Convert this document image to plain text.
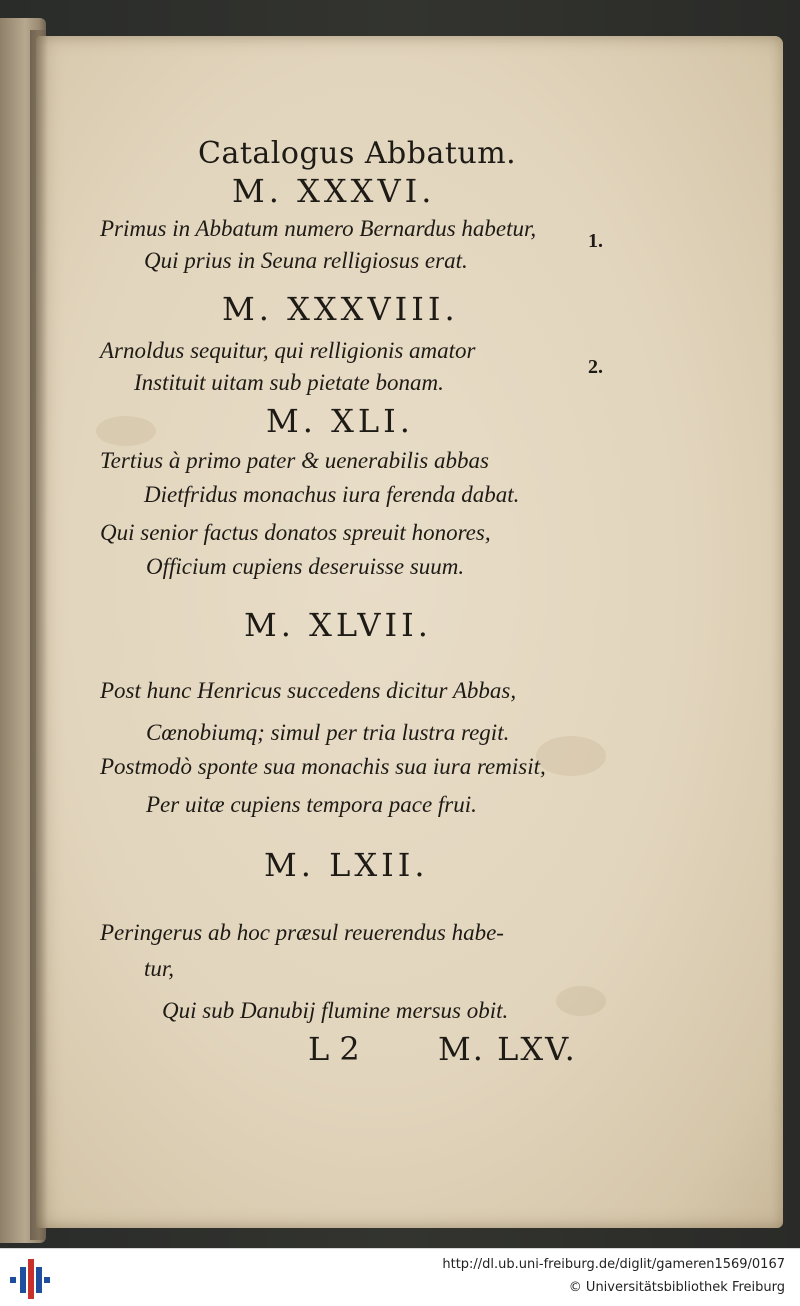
Catalogus Abbatum.
M. XXXVI.
Primus in Abbatum numero Bernardus habetur,	1.
Qui prius in Seuna relligiosus erat.
M. XXXVIII.
Arnoldus sequitur, qui relligionis amator
2.
Instituit uitam sub pietate bonam.
M. XLI.
Tertius à primo pater & uenerabilis abbas
Dietfridus monachus iura ferenda dabat.
Qui senior factus donatos spreuit honores,
Officium cupiens deseruisse suum.
M. XLVII.
Post hunc Henricus succedens dicitur Abbas,
Cœnobiumq; simul per tria lustra regit.
Postmodò sponte sua monachis sua iura remisit,
Per uitæ cupiens tempora pace frui.
M. LXII.
Peringerus ab hoc præsul reuerendus habe-
tur,
Qui sub Danubij flumine mersus obit.
L 2 M. LXV.
http://dl.ub.uni-freiburg.de/diglit/gameren1569/0167
© Universitätsbibliothek Freiburg
